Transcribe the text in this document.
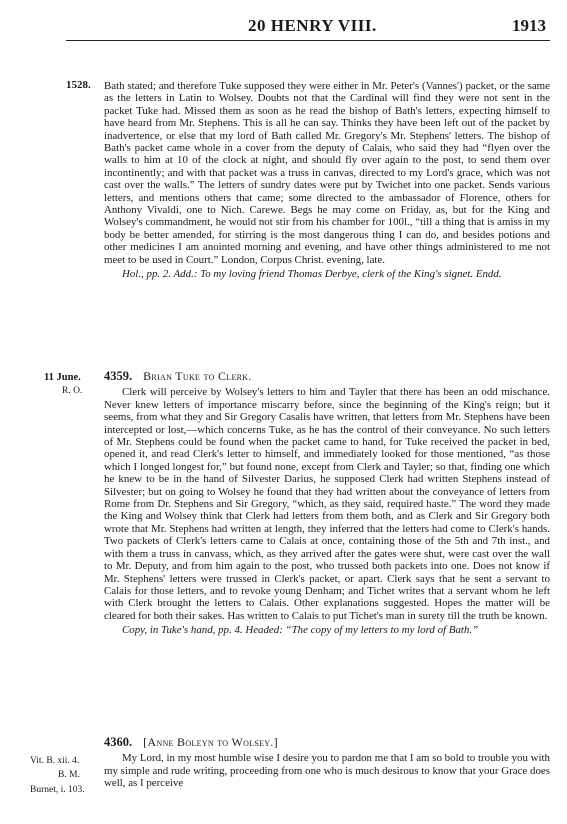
20 HENRY VIII.	1913
1528.
11 June.
R. O.
Vit. B. xii. 4.
B. M.
Burnet, i. 103.

Bath stated; and therefore Tuke supposed they were either in Mr. Peter's (Vannes') packet, or the same as the letters in Latin to Wolsey. Doubts not that the Cardinal will find they were not sent in the packet Tuke had. Missed them as soon as he read the bishop of Bath's letters, expecting himself to have heard from Mr. Stephens. This is all he can say. Thinks they have been left out of the packet by inadvertence, or else that my lord of Bath called Mr. Gregory's Mr. Stephens' letters. The bishop of Bath's packet came whole in a cover from the deputy of Calais, who said they had “flyen over the walls to him at 10 of the clock at night, and should fly over again to the post, to send them over incontinently; and with that packet was a truss in canvas, directed to my Lord's grace, which was not cast over the walls.” The letters of sundry dates were put by Twichet into one packet. Sends various letters, and mentions others that came; some directed to the ambassador of Florence, others for Anthony Vivaldi, one to Nich. Carewe. Begs he may come on Friday, as, but for the King and Wolsey's commandment, he would not stir from his chamber for 100l., “till a thing that is amiss in my body be better amended, for stirring is the most dangerous thing I can do, and besides potions and other medicines I am anointed morning and evening, and have other things administered to me not meet to be used in Court.” London, Corpus Christ. evening, late.

Hol., pp. 2. Add.: To my loving friend Thomas Derbye, clerk of the King's signet. Endd.

4359. Brian Tuke to Clerk.

Clerk will perceive by Wolsey's letters to him and Tayler that there has been an odd mischance. Never knew letters of importance miscarry before, since the beginning of the King's reign; but it seems, from what they and Sir Gregory Casalis have written, that letters from Mr. Stephens have been intercepted or lost,—which concerns Tuke, as he has the control of their conveyance. No such letters of Mr. Stephens could be found when the packet came to hand, for Tuke received the packet in bed, opened it, and read Clerk's letter to himself, and immediately looked for those mentioned, “as those which I longed longest for,” but found none, except from Clerk and Tayler; so that, finding one which he knew to be in the hand of Silvester Darius, he supposed Clerk had written Stephens instead of Silvester; but on going to Wolsey he found that they had written about the conveyance of letters from Rome from Dr. Stephens and Sir Gregory, “which, as they said, required haste.” The word they made the King and Wolsey think that Clerk had letters from them both, and as Clerk and Sir Gregory both wrote that Mr. Stephens had written at length, they inferred that the letters had come to Clerk's hands. Two packets of Clerk's letters came to Calais at once, containing those of the 5th and 7th inst., and with them a truss in canvass, which, as they arrived after the gates were shut, were cast over the wall to Mr. Deputy, and from him again to the post, who trussed both packets into one. Does not know if Mr. Stephens' letters were trussed in Clerk's packet, or apart. Clerk says that he sent a servant to Calais for those letters, and to revoke young Denham; and Tichet writes that a servant whom he left with Clerk brought the letters to Calais. Other explanations suggested. Hopes the matter will be cleared for both their sakes. Has written to Calais to put Tichet's man in surety till the truth be known.

Copy, in Tuke's hand, pp. 4. Headed: “The copy of my letters to my lord of Bath.”

4360. [Anne Boleyn to Wolsey.]

My Lord, in my most humble wise I desire you to pardon me that I am so bold to trouble you with my simple and rude writing, proceeding from one who is much desirous to know that your Grace does well, as I perceive
